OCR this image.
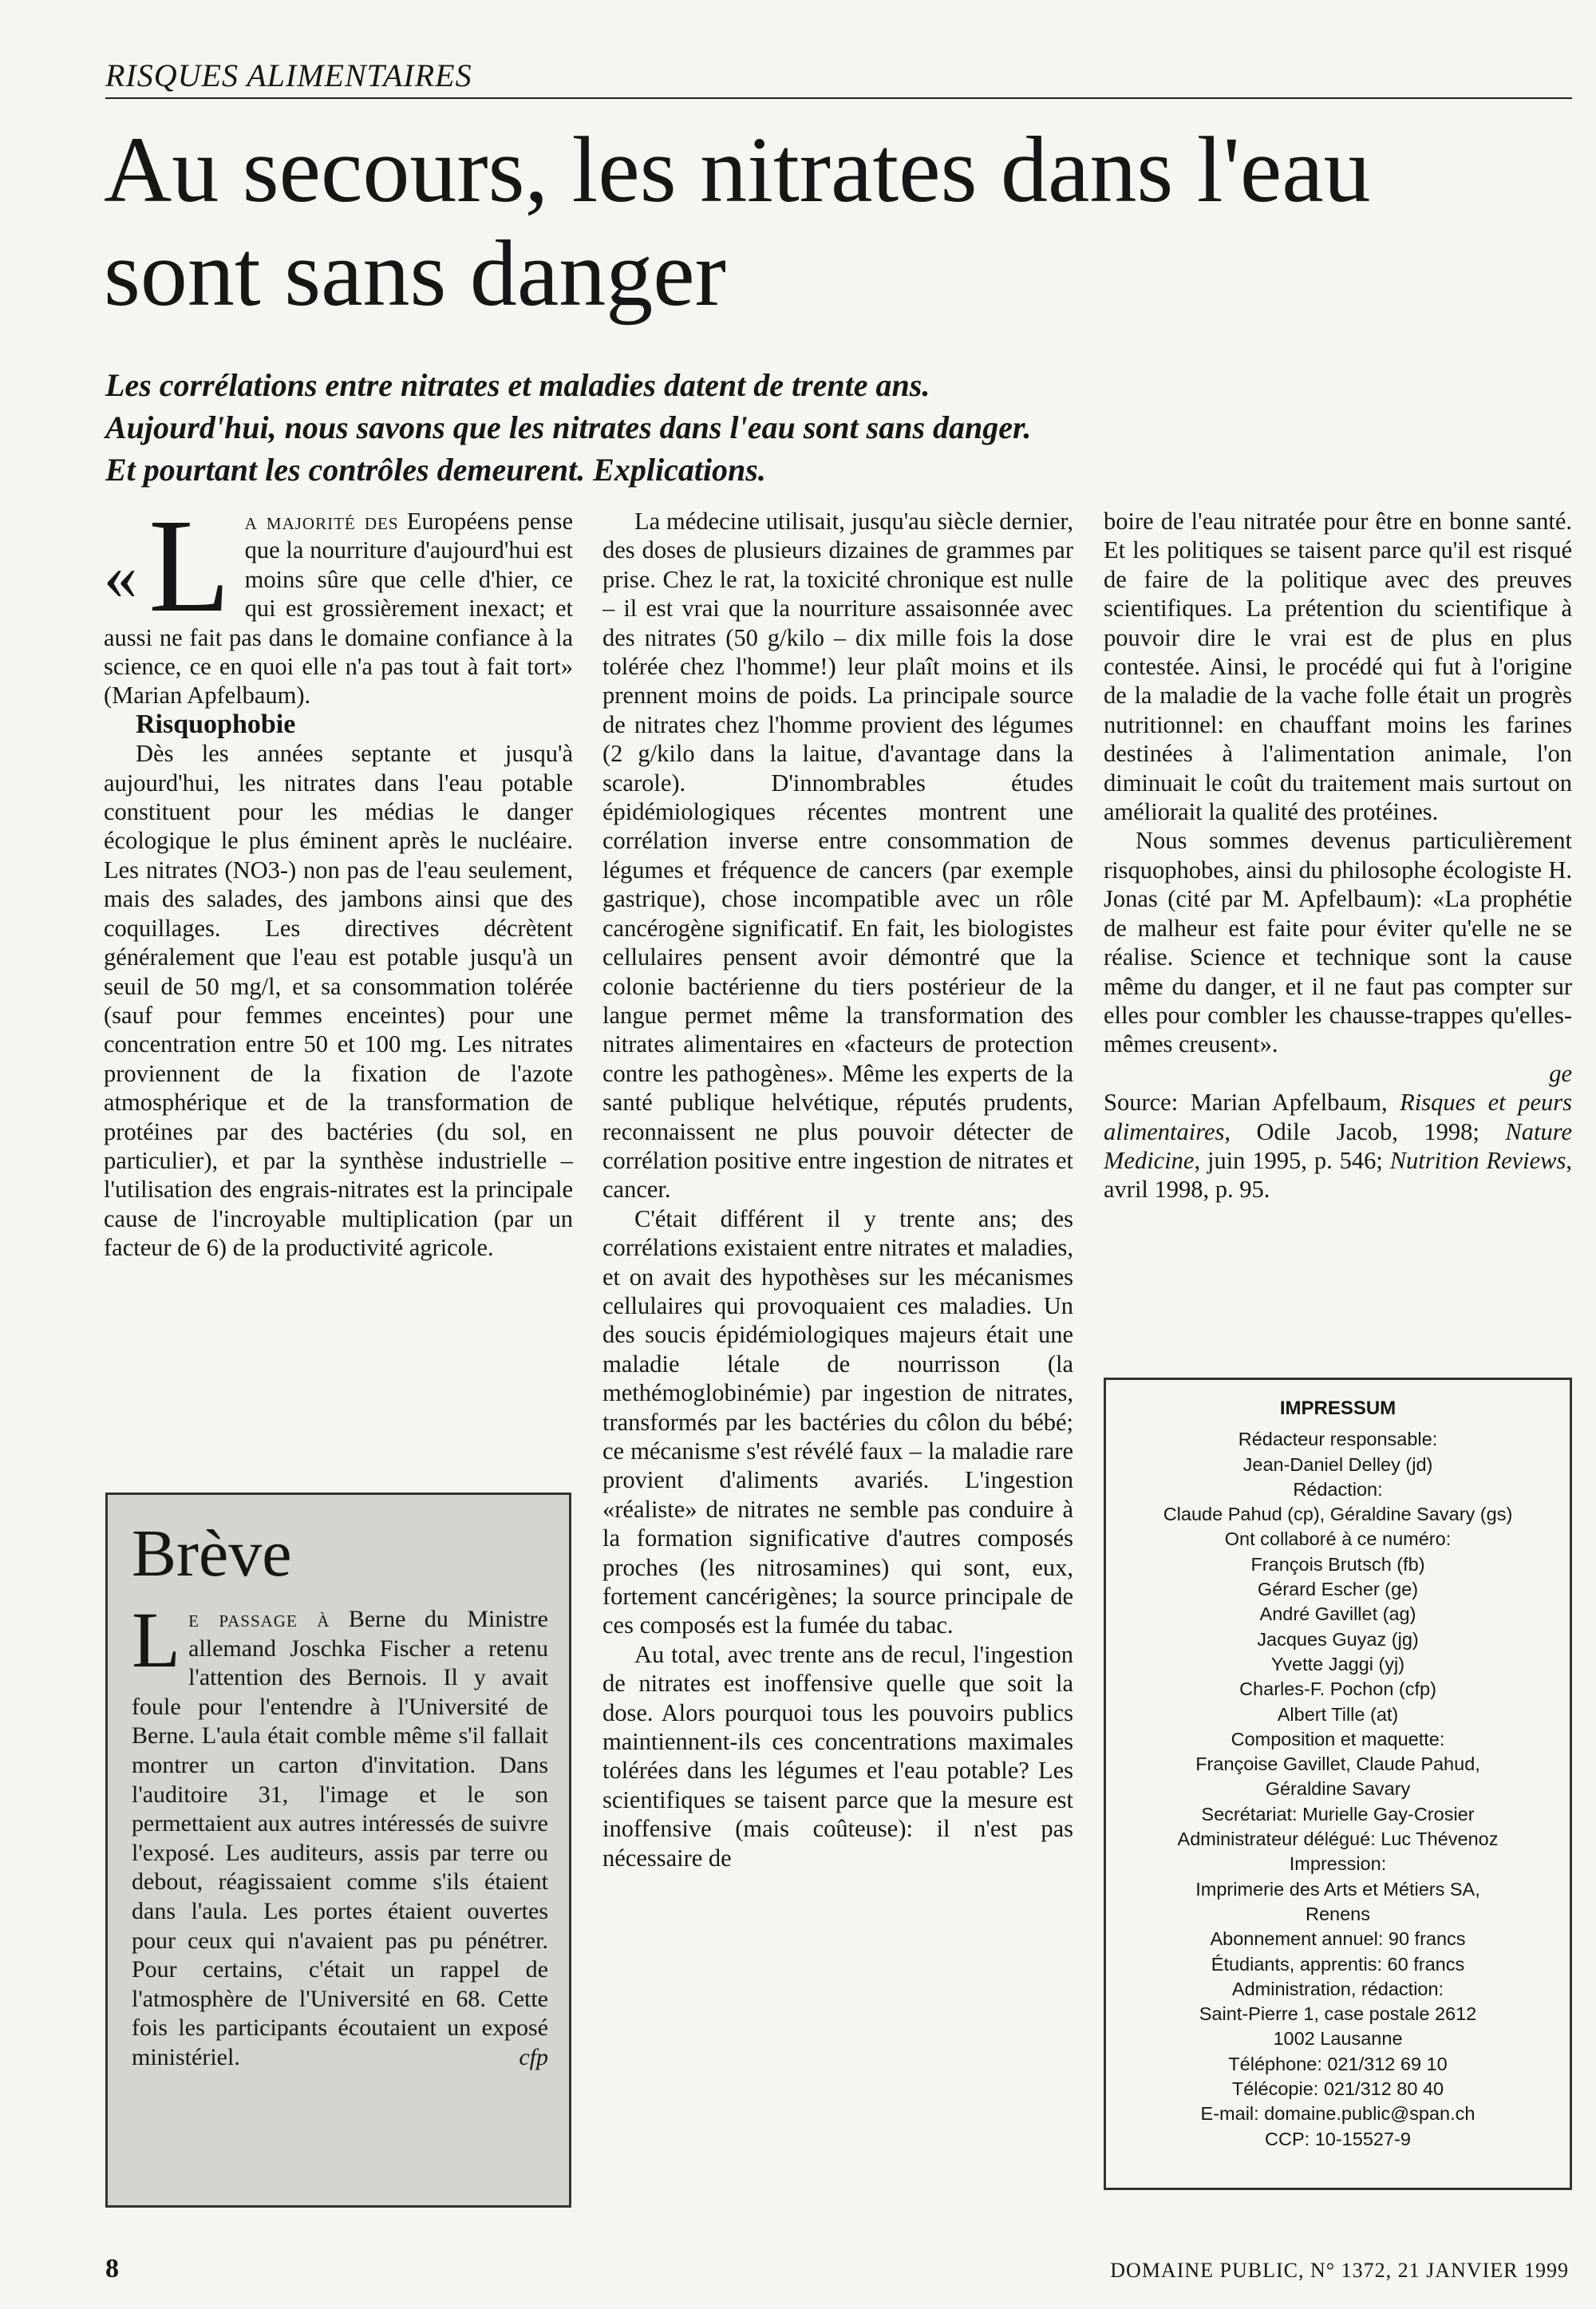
RISQUES ALIMENTAIRES
Au secours, les nitrates dans l'eau
sont sans danger

Les corrélations entre nitrates et maladies datent de trente ans.
Aujourd'hui, nous savons que les nitrates dans l'eau sont sans danger.
Et pourtant les contrôles demeurent. Explications.

« La majorité des Européens pense que la nourriture d'aujourd'hui est moins sûre que celle d'hier, ce qui est grossièrement inexact; et aussi ne fait pas dans le domaine confiance à la science, ce en quoi elle n'a pas tout à fait tort» (Marian Apfelbaum).

Risquophobie

Dès les années septante et jusqu'à aujourd'hui, les nitrates dans l'eau potable constituent pour les médias le danger écologique le plus éminent après le nucléaire. Les nitrates (NO3-) non pas de l'eau seulement, mais des salades, des jambons ainsi que des coquillages. Les directives décrètent généralement que l'eau est potable jusqu'à un seuil de 50 mg/l, et sa consommation tolérée (sauf pour femmes enceintes) pour une concentration entre 50 et 100 mg. Les nitrates proviennent de la fixation de l'azote atmosphérique et de la transformation de protéines par des bactéries (du sol, en particulier), et par la synthèse industrielle – l'utilisation des engrais-nitrates est la principale cause de l'incroyable multiplication (par un facteur de 6) de la productivité agricole.

La médecine utilisait, jusqu'au siècle dernier, des doses de plusieurs dizaines de grammes par prise. Chez le rat, la toxicité chronique est nulle – il est vrai que la nourriture assaisonnée avec des nitrates (50 g/kilo – dix mille fois la dose tolérée chez l'homme!) leur plaît moins et ils prennent moins de poids. La principale source de nitrates chez l'homme provient des légumes (2 g/kilo dans la laitue, d'avantage dans la scarole). D'innombrables études épidémiologiques récentes montrent une corrélation inverse entre consommation de légumes et fréquence de cancers (par exemple gastrique), chose incompatible avec un rôle cancérogène significatif. En fait, les biologistes cellulaires pensent avoir démontré que la colonie bactérienne du tiers postérieur de la langue permet même la transformation des nitrates alimentaires en «facteurs de protection contre les pathogènes». Même les experts de la santé publique helvétique, réputés prudents, reconnaissent ne plus pouvoir détecter de corrélation positive entre ingestion de nitrates et cancer.

C'était différent il y trente ans; des corrélations existaient entre nitrates et maladies, et on avait des hypothèses sur les mécanismes cellulaires qui provoquaient ces maladies. Un des soucis épidémiologiques majeurs était une maladie létale de nourrisson (la methémoglobinémie) par ingestion de nitrates, transformés par les bactéries du côlon du bébé; ce mécanisme s'est révélé faux – la maladie rare provient d'aliments avariés. L'ingestion «réaliste» de nitrates ne semble pas conduire à la formation significative d'autres composés proches (les nitrosamines) qui sont, eux, fortement cancérigènes; la source principale de ces composés est la fumée du tabac.

Au total, avec trente ans de recul, l'ingestion de nitrates est inoffensive quelle que soit la dose. Alors pourquoi tous les pouvoirs publics maintiennent-ils ces concentrations maximales tolérées dans les légumes et l'eau potable? Les scientifiques se taisent parce que la mesure est inoffensive (mais coûteuse): il n'est pas nécessaire de

boire de l'eau nitratée pour être en bonne santé. Et les politiques se taisent parce qu'il est risqué de faire de la politique avec des preuves scientifiques. La prétention du scientifique à pouvoir dire le vrai est de plus en plus contestée. Ainsi, le procédé qui fut à l'origine de la maladie de la vache folle était un progrès nutritionnel: en chauffant moins les farines destinées à l'alimentation animale, l'on diminuait le coût du traitement mais surtout on améliorait la qualité des protéines.

Nous sommes devenus particulièrement risquophobes, ainsi du philosophe écologiste H. Jonas (cité par M. Apfelbaum): «La prophétie de malheur est faite pour éviter qu'elle ne se réalise. Science et technique sont la cause même du danger, et il ne faut pas compter sur elles pour combler les chausse-trappes qu'elles-mêmes creusent».

ge

Source: Marian Apfelbaum, Risques et peurs alimentaires, Odile Jacob, 1998; Nature Medicine, juin 1995, p. 546; Nutrition Reviews, avril 1998, p. 95.

Brève
Le passage à Berne du Ministre allemand Joschka Fischer a retenu l'attention des Bernois. Il y avait foule pour l'entendre à l'Université de Berne. L'aula était comble même s'il fallait montrer un carton d'invitation. Dans l'auditoire 31, l'image et le son permettaient aux autres intéressés de suivre l'exposé. Les auditeurs, assis par terre ou debout, réagissaient comme s'ils étaient dans l'aula. Les portes étaient ouvertes pour ceux qui n'avaient pas pu pénétrer. Pour certains, c'était un rappel de l'atmosphère de l'Université en 68. Cette fois les participants écoutaient un exposé ministériel.	cfp
IMPRESSUM
Rédacteur responsable:
Jean-Daniel Delley (jd)
Rédaction:
Claude Pahud (cp), Géraldine Savary (gs)
Ont collaboré à ce numéro:
François Brutsch (fb)
Gérard Escher (ge)
André Gavillet (ag)
Jacques Guyaz (jg)
Yvette Jaggi (yj)
Charles-F. Pochon (cfp)
Albert Tille (at)
Composition et maquette:
Françoise Gavillet, Claude Pahud,
Géraldine Savary
Secrétariat: Murielle Gay-Crosier
Administrateur délégué: Luc Thévenoz
Impression:
Imprimerie des Arts et Métiers SA,
Renens
Abonnement annuel: 90 francs
Étudiants, apprentis: 60 francs
Administration, rédaction:
Saint-Pierre 1, case postale 2612
1002 Lausanne
Téléphone: 021/312 69 10
Télécopie: 021/312 80 40
E-mail: domaine.public@span.ch
CCP: 10-15527-9
8	DOMAINE PUBLIC, N° 1372, 21 JANVIER 1999
